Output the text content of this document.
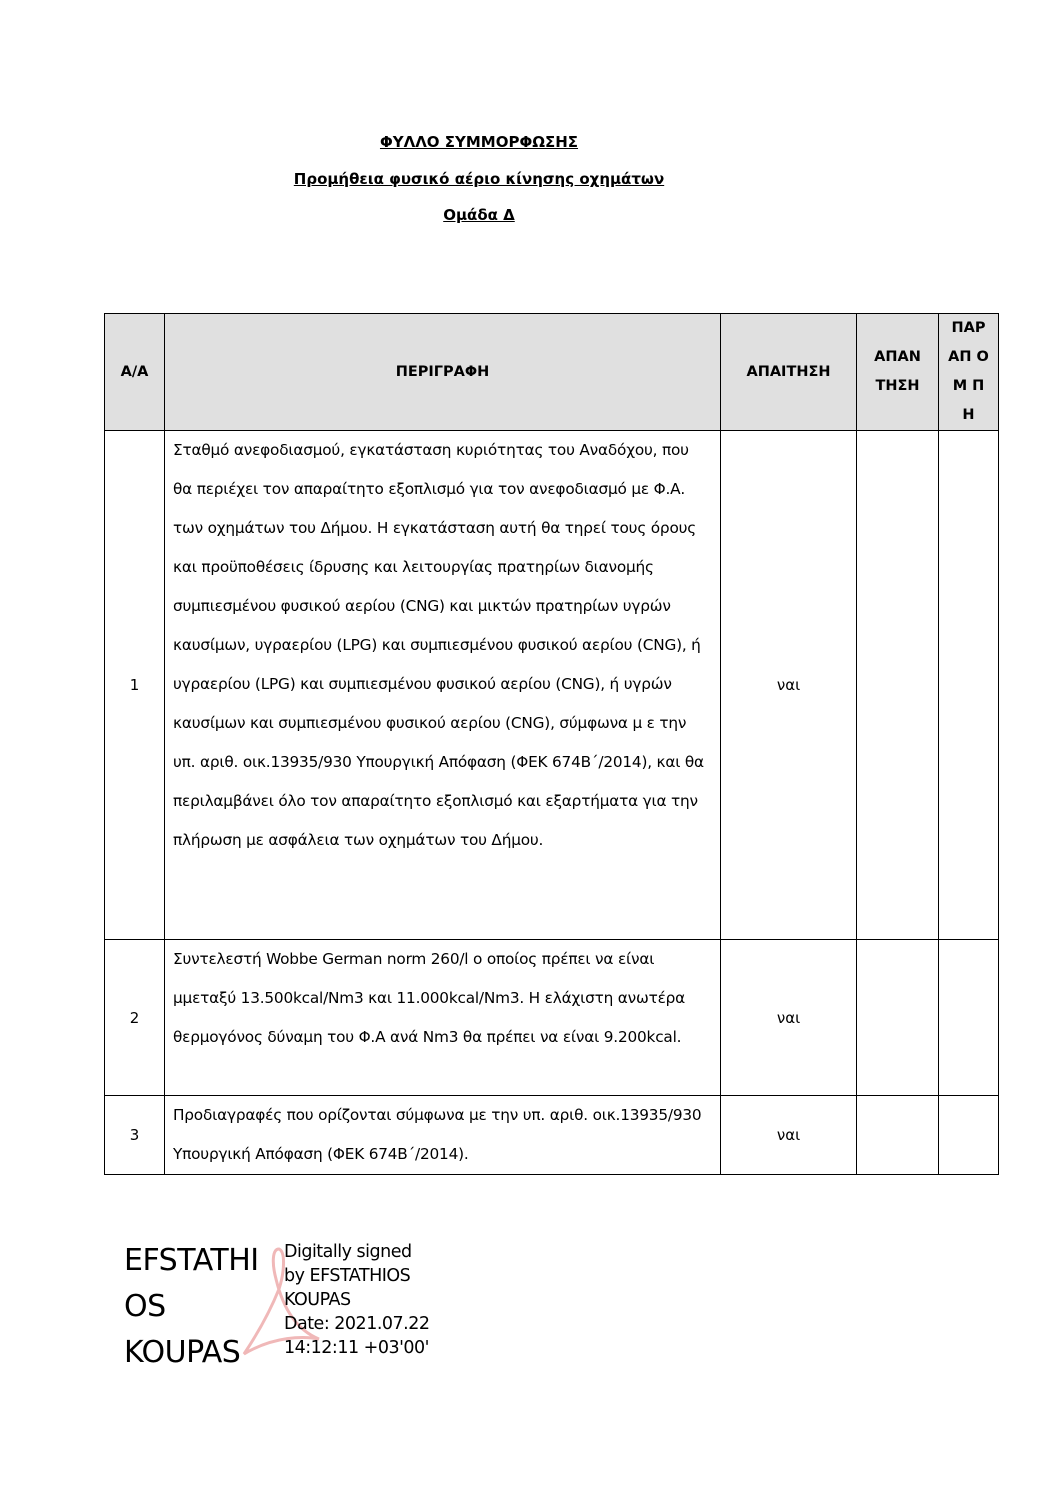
ΦΥΛΛΟ ΣΥΜΜΟΡΦΩΣΗΣ
Προμήθεια φυσικό αέριο κίνησης οχημάτων
Ομάδα Δ
Α/Α	ΠΕΡΙΓΡΑΦΗ	ΑΠΑΙΤΗΣΗ	ΑΠΑΝ ΤΗΣΗ	ΠΑΡ ΑΠ ΟΜ ΠΗ
1	Σταθμό ανεφοδιασμού, εγκατάσταση κυριότητας του Αναδόχου, που θα περιέχει τον απαραίτητο εξοπλισμό για τον ανεφοδιασμό με Φ.Α. των οχημάτων του Δήμου. Η εγκατάσταση αυτή θα τηρεί τους όρους και προϋποθέσεις ίδρυσης και λειτουργίας πρατηρίων διανομής συμπιεσμένου φυσικού αερίου (CNG) και μικτών πρατηρίων υγρών καυσίμων, υγραερίου (LPG) και συμπιεσμένου φυσικού αερίου (CNG), ή υγραερίου (LPG) και συμπιεσμένου φυσικού αερίου (CNG), ή υγρών καυσίμων και συμπιεσμένου φυσικού αερίου (CNG), σύμφωνα μ ε την υπ. αριθ. οικ.13935/930 Υπουργική Απόφαση (ΦΕΚ 674Β΄/2014), και θα περιλαμβάνει όλο τον απαραίτητο εξοπλισμό και εξαρτήματα για την πλήρωση με ασφάλεια των οχημάτων του Δήμου.	ναι		
2	Συντελεστή Wobbe German norm 260/l ο οποίος πρέπει να είναι μμεταξύ 13.500kcal/Nm3 και 11.000kcal/Nm3. Η ελάχιστη ανωτέρα θερμογόνος δύναμη του Φ.Α ανά Nm3 θα πρέπει να είναι 9.200kcal.	ναι		
3	Προδιαγραφές που ορίζονται σύμφωνα με την υπ. αριθ. οικ.13935/930 Υπουργική Απόφαση (ΦΕΚ 674Β΄/2014).	ναι		
EFSTATHI
OS
KOUPAS
Digitally signed
by EFSTATHIOS
KOUPAS
Date: 2021.07.22
14:12:11 +03'00'
